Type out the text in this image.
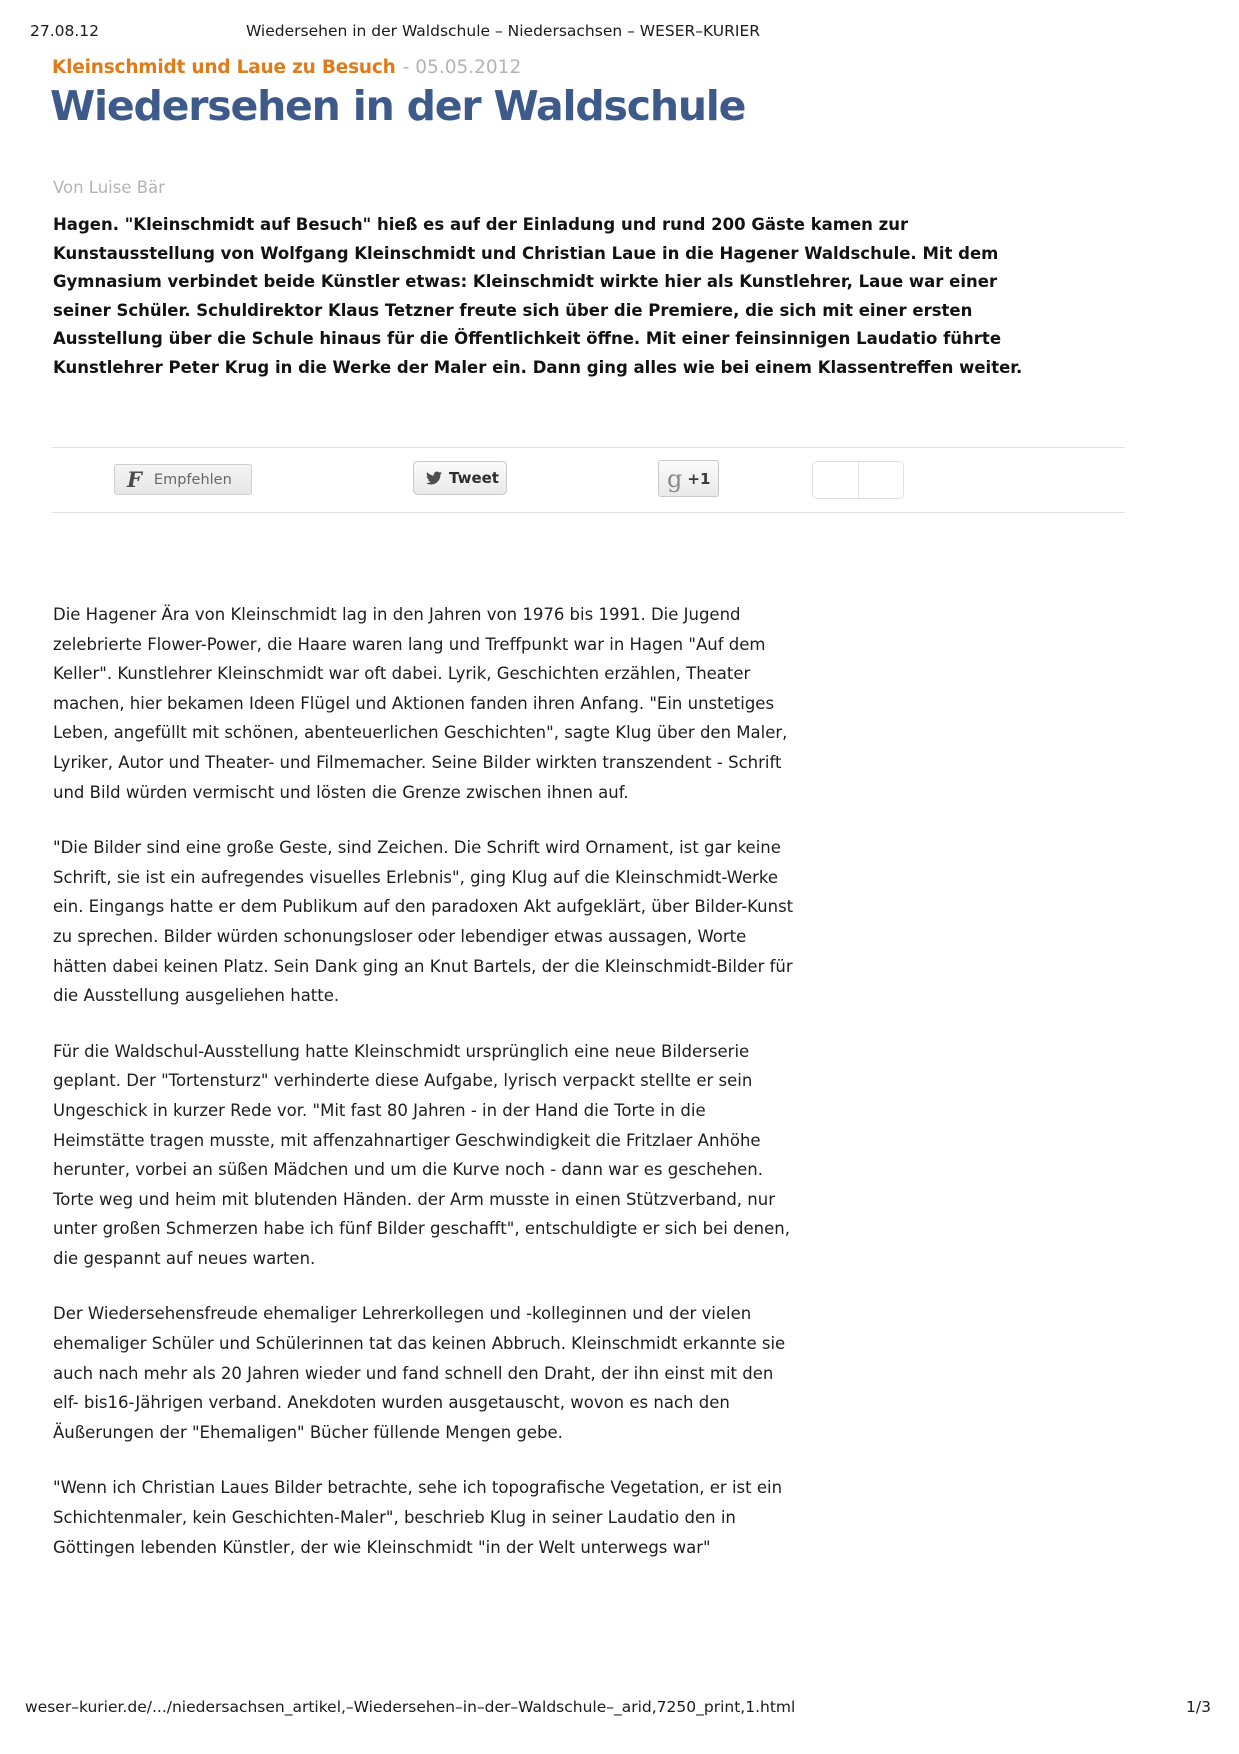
27.08.12	Wiedersehen in der Waldschule – Niedersachsen – WESER–KURIER
Kleinschmidt und Laue zu Besuch - 05.05.2012
Wiedersehen in der Waldschule
Von Luise Bär

Hagen. "Kleinschmidt auf Besuch" hieß es auf der Einladung und rund 200 Gäste kamen zur Kunstausstellung von Wolfgang Kleinschmidt und Christian Laue in die Hagener Waldschule. Mit dem Gymnasium verbindet beide Künstler etwas: Kleinschmidt wirkte hier als Kunstlehrer, Laue war einer seiner Schüler. Schuldirektor Klaus Tetzner freute sich über die Premiere, die sich mit einer ersten Ausstellung über die Schule hinaus für die Öffentlichkeit öffne. Mit einer feinsinnigen Laudatio führte Kunstlehrer Peter Krug in die Werke der Maler ein. Dann ging alles wie bei einem Klassentreffen weiter.

F Empfehlen	Tweet	g +1

Die Hagener Ära von Kleinschmidt lag in den Jahren von 1976 bis 1991. Die Jugend zelebrierte Flower-Power, die Haare waren lang und Treffpunkt war in Hagen "Auf dem Keller". Kunstlehrer Kleinschmidt war oft dabei. Lyrik, Geschichten erzählen, Theater machen, hier bekamen Ideen Flügel und Aktionen fanden ihren Anfang. "Ein unstetiges Leben, angefüllt mit schönen, abenteuerlichen Geschichten", sagte Klug über den Maler, Lyriker, Autor und Theater- und Filmemacher. Seine Bilder wirkten transzendent - Schrift und Bild würden vermischt und lösten die Grenze zwischen ihnen auf.

"Die Bilder sind eine große Geste, sind Zeichen. Die Schrift wird Ornament, ist gar keine Schrift, sie ist ein aufregendes visuelles Erlebnis", ging Klug auf die Kleinschmidt-Werke ein. Eingangs hatte er dem Publikum auf den paradoxen Akt aufgeklärt, über Bilder-Kunst zu sprechen. Bilder würden schonungsloser oder lebendiger etwas aussagen, Worte hätten dabei keinen Platz. Sein Dank ging an Knut Bartels, der die Kleinschmidt-Bilder für die Ausstellung ausgeliehen hatte.

Für die Waldschul-Ausstellung hatte Kleinschmidt ursprünglich eine neue Bilderserie geplant. Der "Tortensturz" verhinderte diese Aufgabe, lyrisch verpackt stellte er sein Ungeschick in kurzer Rede vor. "Mit fast 80 Jahren - in der Hand die Torte in die Heimstätte tragen musste, mit affenzahnartiger Geschwindigkeit die Fritzlaer Anhöhe herunter, vorbei an süßen Mädchen und um die Kurve noch - dann war es geschehen. Torte weg und heim mit blutenden Händen. der Arm musste in einen Stützverband, nur unter großen Schmerzen habe ich fünf Bilder geschafft", entschuldigte er sich bei denen, die gespannt auf neues warten.

Der Wiedersehensfreude ehemaliger Lehrerkollegen und -kolleginnen und der vielen ehemaliger Schüler und Schülerinnen tat das keinen Abbruch. Kleinschmidt erkannte sie auch nach mehr als 20 Jahren wieder und fand schnell den Draht, der ihn einst mit den elf- bis16-Jährigen verband. Anekdoten wurden ausgetauscht, wovon es nach den Äußerungen der "Ehemaligen" Bücher füllende Mengen gebe.

"Wenn ich Christian Laues Bilder betrachte, sehe ich topografische Vegetation, er ist ein Schichtenmaler, kein Geschichten-Maler", beschrieb Klug in seiner Laudatio den in Göttingen lebenden Künstler, der wie Kleinschmidt "in der Welt unterwegs war"

weser–kurier.de/.../niedersachsen_artikel,–Wiedersehen–in–der–Waldschule–_arid,7250_print,1.html	1/3
